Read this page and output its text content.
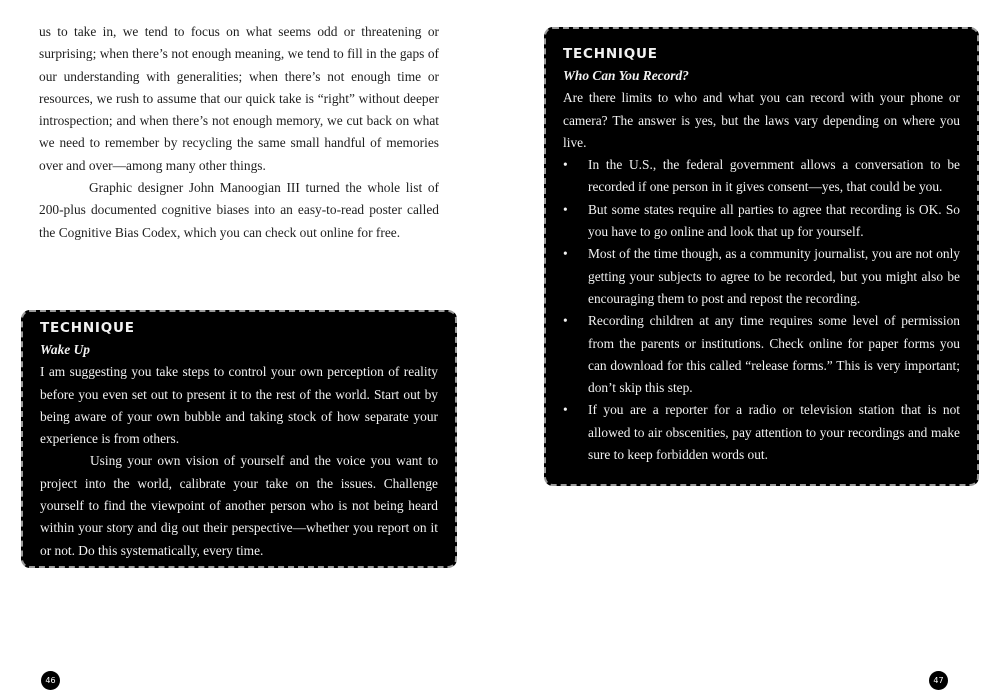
us to take in, we tend to focus on what seems odd or threatening or surprising; when there’s not enough meaning, we tend to fill in the gaps of our understanding with generalities; when there’s not enough time or resources, we rush to assume that our quick take is “right” without deeper introspection; and when there’s not enough memory, we cut back on what we need to remember by recycling the same small handful of memories over and over—among many other things.

Graphic designer John Manoogian III turned the whole list of 200-plus documented cognitive biases into an easy-to-read poster called the Cognitive Bias Codex, which you can check out online for free.

TECHNIQUE
Wake Up

I am suggesting you take steps to control your own perception of reality before you even set out to present it to the rest of the world. Start out by being aware of your own bubble and taking stock of how separate your experience is from others.

Using your own vision of yourself and the voice you want to project into the world, calibrate your take on the issues. Challenge yourself to find the viewpoint of another person who is not being heard within your story and dig out their perspective—whether you report on it or not. Do this systematically, every time.

46
TECHNIQUE
Who Can You Record?

Are there limits to who and what you can record with your phone or camera? The answer is yes, but the laws vary depending on where you live.

• In the U.S., the federal government allows a conversation to be recorded if one person in it gives consent—yes, that could be you.
• But some states require all parties to agree that recording is OK. So you have to go online and look that up for yourself.
• Most of the time though, as a community journalist, you are not only getting your subjects to agree to be recorded, but you might also be encouraging them to post and repost the recording.
• Recording children at any time requires some level of permission from the parents or institutions. Check online for paper forms you can download for this called “release forms.” This is very important; don’t skip this step.
• If you are a reporter for a radio or television station that is not allowed to air obscenities, pay attention to your recordings and make sure to keep forbidden words out.
47
